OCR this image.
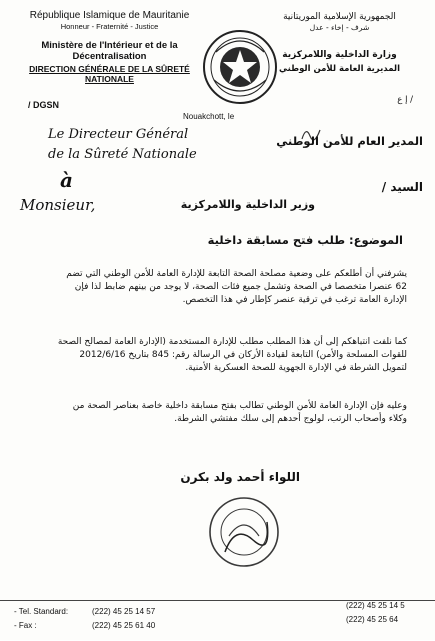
République Islamique de Mauritanie
Honneur - Fraternité - Justice
Ministère de l'Intérieur et de la Décentralisation
DIRECTION GÉNÉRALE DE LA SÛRETÉ NATIONALE
الجمهورية الإسلامية الموريتانية
شرف - إخاء - عدل
وزارة الداخلية واللامركزية
المديرية العامة للأمن الوطني
/ DGSN	/ إ ع
Nouakchott, le
Le Directeur Général
de la Sûreté Nationale
المدير العام للأمن الوطني
à
Monsieur,
السيد /
وزير الداخلية واللامركزية
الموضوع: طلب فتح مسابقة داخلية
يشرفني أن أطلعكم على وضعية مصلحة الصحة التابعة للإدارة العامة للأمن الوطني التي تضم 62 عنصرا متخصصا في الصحة وتشمل جميع فئات الصحة، لا يوجد من بينهم ضابط لذا فإن الإدارة العامة ترغب في ترقية عنصر كإطار في هذا التخصص.
كما نلفت انتباهكم إلى أن هذا المطلب مطلب للإدارة المستخدمة (الإدارة العامة لمصالح الصحة للقوات المسلحة والأمن) التابعة لقيادة الأركان في الرسالة رقم: 845 بتاريخ 2012/6/16 لتمويل الشرطة في الإدارة الجهوية للصحة العسكرية الأمنية.
وعليه فإن الإدارة العامة للأمن الوطني تطالب بفتح مسابقة داخلية خاصة بعناصر الصحة من وكلاء وأصحاب الرتب، لولوج أحدهم إلى سلك مفتشي الشرطة.
اللواء أحمد ولد بكرن
- Tel. Standard:	(222) 45 25 14 57
- Fax :	(222) 45 25 61 40
(222) 45 25 14 5
(222) 45 25 64
